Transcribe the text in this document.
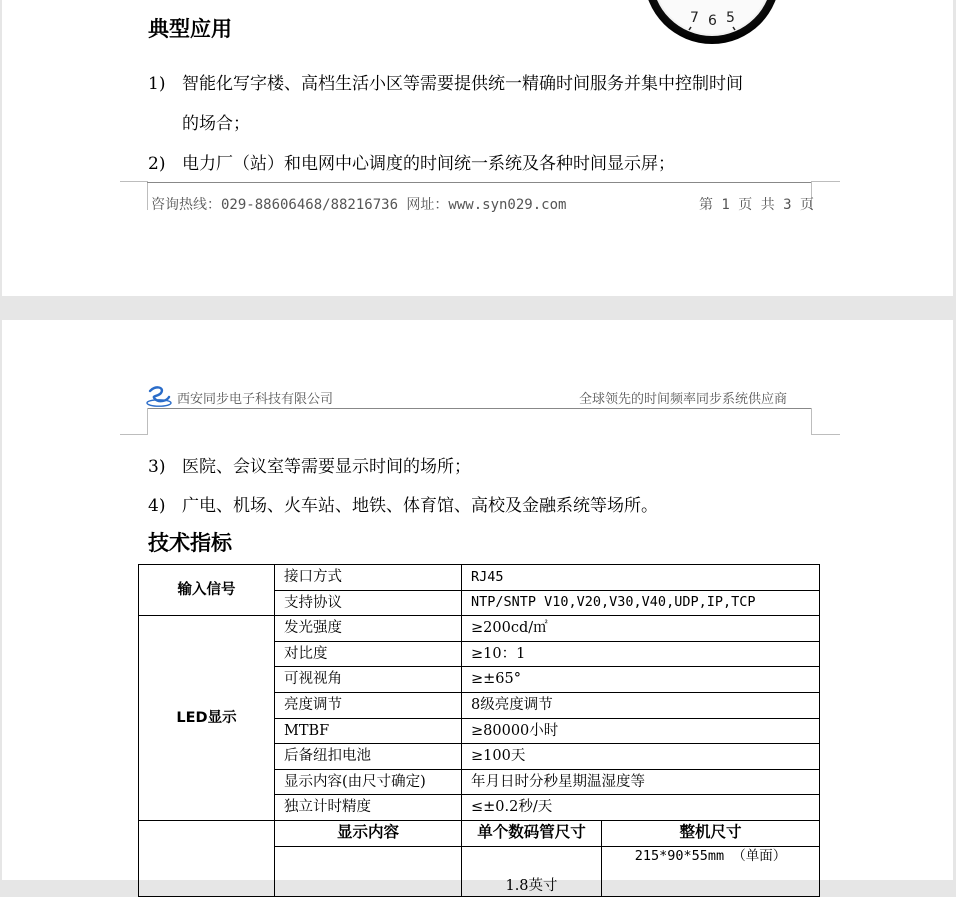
7 6 5
典型应用
1) 智能化写字楼、高档生活小区等需要提供统一精确时间服务并集中控制时间
的场合；
2) 电力厂（站）和电网中心调度的时间统一系统及各种时间显示屏；
咨询热线：029-88606468/88216736 网址：www.syn029.com	第 1 页 共 3 页
西安同步电子科技有限公司	全球领先的时间频率同步系统供应商
3) 医院、会议室等需要显示时间的场所；
4) 广电、机场、火车站、地铁、体育馆、高校及金融系统等场所。
技术指标
输入信号	接口方式	RJ45	
	支持协议	NTP/SNTP V10,V20,V30,V40,UDP,IP,TCP	
LED显示	发光强度	≥200cd/㎡	
	对比度	≥10：1	
	可视视角	≥±65°	
	亮度调节	8级亮度调节	
	MTBF	≥80000小时	
	后备纽扣电池	≥100天	
	显示内容(由尺寸确定)	年月日时分秒星期温湿度等	
	独立计时精度	≤±0.2秒/天	
	显示内容	单个数码管尺寸	整机尺寸
		1.8英寸	215*90*55mm （单面）
